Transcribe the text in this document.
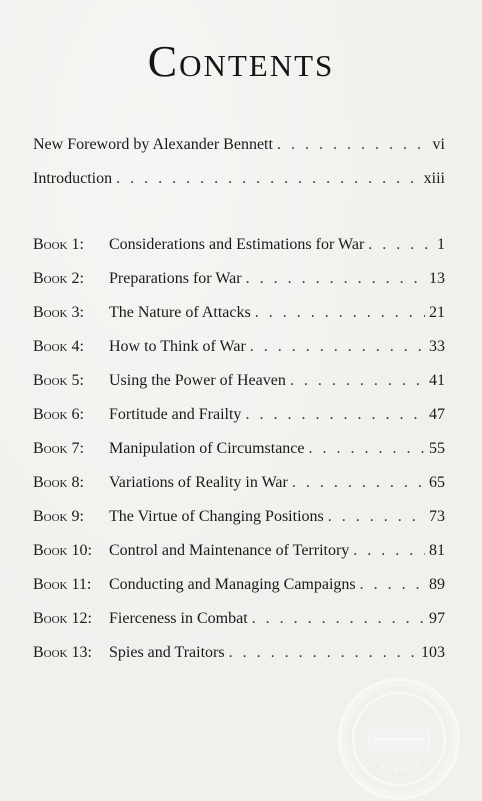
Contents
New Foreword by Alexander Bennett . . .	vi
Introduction . . .	xiii
Book 1:	Considerations and Estimations for War . . .	1
Book 2:	Preparations for War . . .	13
Book 3:	The Nature of Attacks . . .	21
Book 4:	How to Think of War . . .	33
Book 5:	Using the Power of Heaven . . .	41
Book 6:	Fortitude and Frailty . . .	47
Book 7:	Manipulation of Circumstance . . .	55
Book 8:	Variations of Reality in War . . .	65
Book 9:	The Virtue of Changing Positions . . .	73
Book 10:	Control and Maintenance of Territory . . .	81
Book 11:	Conducting and Managing Campaigns . . .	89
Book 12:	Fierceness in Combat . . .	97
Book 13:	Spies and Traitors . . .	103
